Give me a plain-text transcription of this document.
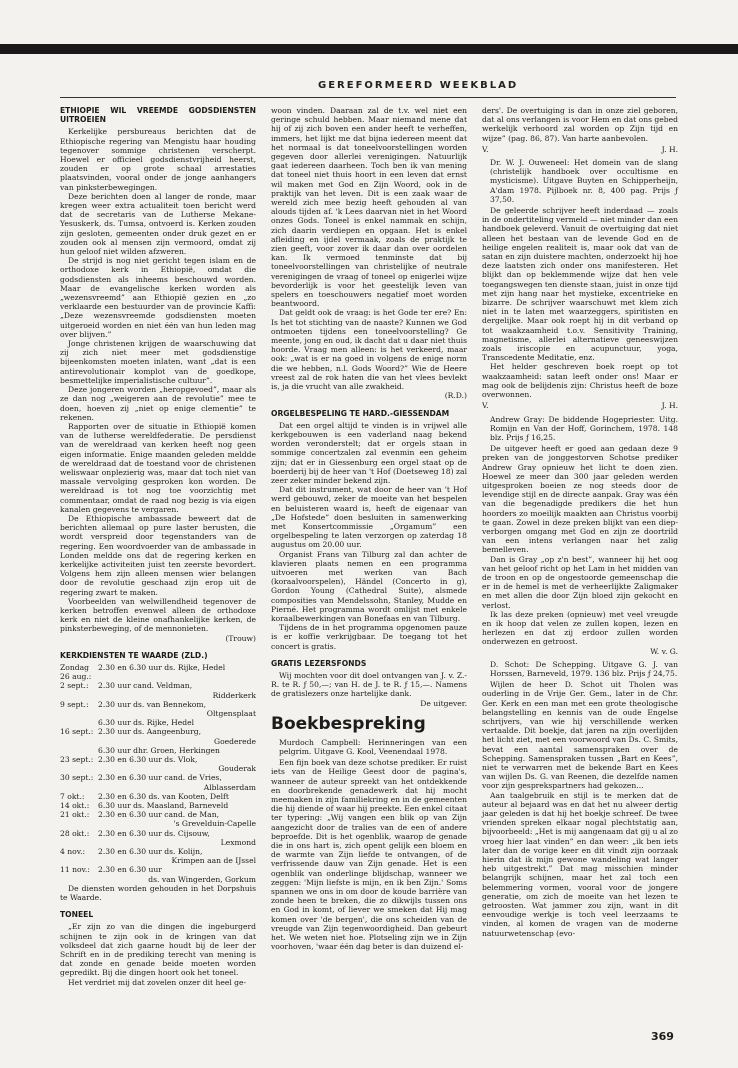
GEREFORMEERD WEEKBLAD

ETHIOPIE WIL VREEMDE GODSDIENSTEN UITROEIEN

Kerkelijke persbureaus berichten dat de Ethiopische regering van Mengistu haar houding tegenover sommige christenen verscherpt. Hoewel er officieel godsdienstvrijheid heerst, zouden er op grote schaal arrestaties plaatsvinden, vooral onder de jonge aanhangers van pinksterbewegingen.

Deze berichten doen al langer de ronde, maar kregen weer extra actualiteit toen bericht werd dat de secretaris van de Lutherse Mekane-Yesuskerk, ds. Tumsa, ontvoerd is. Kerken zouden zijn gesloten, gemeenten onder druk gezet en er zouden ook al mensen zijn vermoord, omdat zij hun geloof niet wilden afzweren.

De strijd is nog niet gericht tegen islam en de orthodoxe kerk in Ethiopië, omdat die godsdiensten als inheems beschouwd worden. Maar de evangelische kerken worden als „wezensvreemd” aan Ethiopië gezien en „zo verklaarde een bestuurder van de provincie Kaffi: „Deze wezensvreemde godsdiensten moeten uitgeroeid worden en niet één van hun leden mag over blijven.”

Jonge christenen krijgen de waarschuwing dat zij zich niet meer met godsdienstige bijeenkomsten moeten inlaten, want „dat is een antirevolutionair komplot van de goedkope, besmettelijke imperialistische cultuur”.

Deze jongeren worden „heropgevoed”, maar als ze dan nog „weigeren aan de revolutie” mee te doen, hoeven zij „niet op enige clementie” te rekenen.

Rapporten over de situatie in Ethiopië komen van de lutherse wereldfederatie. De persdienst van de wereldraad van kerken heeft nog geen eigen informatie. Enige maanden geleden meldde de wereldraad dat de toestand voor de christenen weliswaar onplezierig was, maar dat toch niet van massale vervolging gesproken kon worden. De wereldraad is tot nog toe voorzichtig met commentaar, omdat de raad nog bezig is via eigen kanalen gegevens te vergaren.

De Ethiopische ambassade beweert dat de berichten allemaal op pure laster berusten, die wordt verspreid door tegenstanders van de regering. Een woordvoerder van de ambassade in Londen meldde ons dat de regering kerken en kerkelijke activiteiten juist ten zeerste bevordert. Volgens hem zijn alleen mensen wier belangen door de revolutie geschaad zijn erop uit de regering zwart te maken.

Voorbeelden van welwillendheid tegenover de kerken betroffen evenwel alleen de orthodoxe kerk en niet de kleine onafhankelijke kerken, de pinksterbeweging, of de mennonieten.

(Trouw)

KERKDIENSTEN TE WAARDE (ZLD.)

Zondag 26 aug.:
2.30 en 6.30 uur ds. Rijke, Hedel
2 sept.:	2.30 uur cand. Veldman,
Ridderkerk
9 sept.:	2.30 uur ds. van Bennekom,
Oltgensplaat
6.30 uur ds. Rijke, Hedel
16 sept.: 2.30 uur ds. Aangeenburg,
Goederede
6.30 uur dhr. Groen, Herkingen
23 sept.: 2.30 en 6.30 uur ds. Vlok,
Gouderak
30 sept.: 2.30 en 6.30 uur cand. de Vries,
Alblasserdam
7 okt.:	2.30 en 6.30 ds. van Kooten, Delft
14 okt.:	6.30 uur ds. Maasland, Barneveld
21 okt.:	2.30 en 6.30 uur cand. de Man,
's Grevelduin-Capelle
28 okt.:	2.30 en 6.30 uur ds. Cijsouw,
Lexmond
4 nov.:	2.30 en 6.30 uur ds. Kolijn,
Krimpen aan de IJssel
11 nov.:	2.30 en 6.30 uur
ds. van Wingerden, Gorkum

De diensten worden gehouden in het Dorpshuis te Waarde.

TONEEL

„Er zijn zo van die dingen die ingeburgerd schijnen te zijn ook in de kringen van dat volksdeel dat zich gaarne houdt bij de leer der Schrift en in de prediking terecht van mening is dat zonde en genade beide moeten worden gepredikt. Bij die dingen hoort ook het toneel.

Het verdriet mij dat zovelen onzer dit heel ge-

woon vinden. Daaraan zal de t.v. wel niet een geringe schuld hebben. Maar niemand mene dat hij of zij zich boven een ander heeft te verheffen, immers, het lijkt me dat bijna iedereen meent dat het normaal is dat toneelvoorstellingen worden gegeven door allerlei verenigingen. Natuurlijk gaat iedereen daarheen. Toch ben ik van mening dat toneel niet thuis hoort in een leven dat ernst wil maken met God en Zijn Woord, ook in de praktijk van het leven. Dit is een zaak waar de wereld zich mee bezig heeft gehouden al van alouds tijden af. 'k Lees daarvan niet in het Woord onzes Gods. Toneel is enkel nammak en schijn, zich daarin verdiepen en opgaan. Het is enkel afleiding en ijdel vermaak, zoals de praktijk te zien geeft, voor zover ik daar dan over oordelen kan. Ik vermoed tenminste dat bij toneelvoorstellingen van christelijke of neutrale verenigingen de vraag of toneel op enigerlei wijze bevorderlijk is voor het geestelijk leven van spelers en toeschouwers negatief moet worden beantwoord.

Dat geldt ook de vraag: is het Gode ter ere? En: Is het tot stichting van de naaste? Kunnen we God ontmoeten tijdens een toneelvoorstelling? Ge meente, jong en oud, ik dacht dat u daar niet thuis hoorde. Vraag men alleen: is het verkeerd, maar ook: „wat is er na goed in volgens de enige norm die we hebben, n.l. Gods Woord?” Wie de Heere vreest zal de rok haten die van het vlees bevlekt is, ja die vrucht van alle zwakheid.

(R.D.)

ORGELBESPELING TE HARD.-GIESSENDAM

Dat een orgel altijd te vinden is in vrijwel alle kerkgebouwen is een vaderland naag bekend worden veronderstelt; dat er orgels staan in sommige concertzalen zal evenmin een geheim zijn; dat er in Giessenburg een orgel staat op de boerderij bij de heer van 't Hof (Doetseweg 18) zal zeer zeker minder bekend zijn.

Dat dit instrument, wat door de heer van 't Hof werd gebouwd, zeker de moeite van het bespelen en beluisteren waard is, heeft de eigenaar van „De Hofstede” doen besluiten in samenwerking met Konsertcommissie „Orgamum” een orgelbespeling te laten verzorgen op zaterdag 18 augustus om 20.00 uur.

Organist Frans van Tilburg zal dan achter de klavieren plaats nemen en een programma uitvoeren met werken van Bach (koraalvoorspelen), Händel (Concerto in g), Gordon Young (Cathedral Suite), alsmede composities van Mendelssohn, Stanley, Mudde en Pierné. Het programma wordt omlijst met enkele koraalbewerkingen van Bonefaas en van Tilburg.

Tijdens de in het programma opgenomen pauze is er koffie verkrijgbaar. De toegang tot het concert is gratis.

GRATIS LEZERSFONDS

Wij mochten voor dit doel ontvangen van J. v. Z.-R. te R. ƒ 50,—; van H. de J. te R. ƒ 15,—. Namens de gratislezers onze hartelijke dank.

De uitgever.
Boekbespreking
Murdoch Campbell: Herinneringen van een pelgrim. Uitgave G. Kool, Veenendaal 1978.

Een fijn boek van deze schotse prediker. Er ruist iets van de Heilige Geest door de pagina's, wanneer de auteur spreekt van het ontdekkende en doorbrekende genadewerk dat hij mocht meemaken in zijn familiekring en in de gemeenten die hij diende of waar hij preekte. Een enkel citaat ter typering: „Wij vangen een blik op van Zijn aangezicht door de tralies van de een of andere beproefde. Dit is het ogenblik, waarop de genade die in ons hart is, zich opent gelijk een bloem en de warmte van Zijn liefde te ontvangen, of de verfrissende dauw van Zijn genade. Het is een ogenblik van onderlinge blijdschap, wanneer we zeggen: 'Mijn liefste is mijn, en ik ben Zijn.' Soms spannen we ons in om door de koude barrière van zonde heen te breken, die zo dikwijls tussen ons en God in komt, of liever we smeken dat Hij mag komen over 'de bergen', die ons scheiden van de vreugde van Zijn tegenwoordigheid. Dan gebeurt het. We weten niet hoe. Plotseling zijn we in Zijn voorhoven, 'waar één dag beter is dan duizend el-

ders'. De overtuiging is dan in onze ziel geboren, dat al ons verlangen is voor Hem en dat ons gebed werkelijk verhoord zal worden op Zijn tijd en wijze” (pag. 86, 87). Van harte aanbevolen.

V.	J. H.
Dr. W. J. Ouweneel: Het domein van de slang (christelijk handboek over occultisme en mysticisme). Uitgave Buyten en Schipperheijn, A'dam 1978. Pijlboek nr. 8, 400 pag. Prijs ƒ 37,50.

De geleerde schrijver heeft inderdaad — zoals in de ondertiteling vermeld — niet minder dan een handboek geleverd. Vanuit de overtuiging dat niet alleen het bestaan van de levende God en de heilige engelen realiteit is, maar ook dat van de satan en zijn duistere machten, onderzoekt hij hoe deze laatsten zich onder ons manifesteren. Het blijkt dan op beklemmende wijze dat hen vele toegangswegen ten dienste staan, juist in onze tijd met zijn hang naar het mystieke, excentrieke en bizarre. De schrijver waarschuwt met klem zich niet in te laten met waarzeggers, spiritisten en dergelijke. Maar ook roept hij in dit verband op tot waakzaamheid t.o.v. Sensitivity Training, magnetisme, allerlei alternatieve geneeswijzen zoals iriscopie en acupunctuur, yoga, Transcedente Meditatie, enz.

Het helder geschreven boek roept op tot waakzaamheid: satan leeft onder ons! Maar er mag ook de belijdenis zijn: Christus heeft de boze overwonnen.

V.	J. H.
Andrew Gray: De biddende Hogepriester. Uitg. Romijn en Van der Hoff, Gorinchem, 1978. 148 blz. Prijs ƒ 16,25.

De uitgever heeft er goed aan gedaan deze 9 preken van de jonggestorven Schotse prediker Andrew Gray opnieuw het licht te doen zien. Hoewel ze meer dan 300 jaar geleden werden uitgesproken boeien ze nog steeds door de levendige stijl en de directe aanpak. Gray was één van die begenadigde predikers die het hun hoorders zo moeilijk maakten aan Christus voorbij te gaan. Zowel in deze preken blijkt van een diep-verborgen omgang met God en zijn ze doortrild van een intens verlangen naar het zalig bemelleven.

Dan is Gray „op z'n best”, wanneer hij het oog van het geloof richt op het Lam in het midden van de troon en op de ongestoorde gemeenschap die er in de hemel is met de verheerlijkte Zaligmaker en met allen die door Zijn bloed zijn gekocht en verlost.

Ik las deze preken (opnieuw) met veel vreugde en ik hoop dat velen ze zullen kopen, lezen en herlezen en dat zij erdoor zullen worden onderwezen en getroost.

W. v. G.
D. Schot: De Schepping. Uitgave G. J. van Horssen, Barneveld, 1979. 136 blz. Prijs ƒ 24,75.

Wijlen de heer D. Schot uit Tholen was ouderling in de Vrije Ger. Gem., later in de Chr. Ger. Kerk en een man met een grote theologische belangstelling en kennis van de oude Engelse schrijvers, van wie hij verschillende werken vertaalde. Dit boekje, dat jaren na zijn overlijden het licht ziet, met een voorwoord van Ds. C. Smits, bevat een aantal samenspraken over de Schepping. Samenspraken tussen „Bart en Kees”, niet te verwarren met de bekende Bart en Kees van wijlen Ds. G. van Reenen, die dezelfde namen voor zijn gesprekspartners had gekozen...

Aan taalgebruik en stijl is te merken dat de auteur al bejaard was en dat het nu alweer dertig jaar geleden is dat hij het boekje schreef. De twee vrienden spreken elkaar nogal plechtstatig aan, bijvoorbeeld: „Het is mij aangenaam dat gij u al zo vroeg hier laat vinden” en dan weer: „ik ben iets later dan de vorige keer en dit vindt zijn oorzaak hierin dat ik mijn gewone wandeling wat langer heb uitgestrekt.” Dat mag misschien minder belangrijk schijnen, maar het zal toch een belemmering vormen, vooral voor de jongere generatie, om zich de moeite van het lezen te getroosten. Wat jammer zou zijn, want in dit eenvoudige werkje is toch veel leerzaams te vinden, al komen de vragen van de moderne natuurwetenschap (evo-

369
